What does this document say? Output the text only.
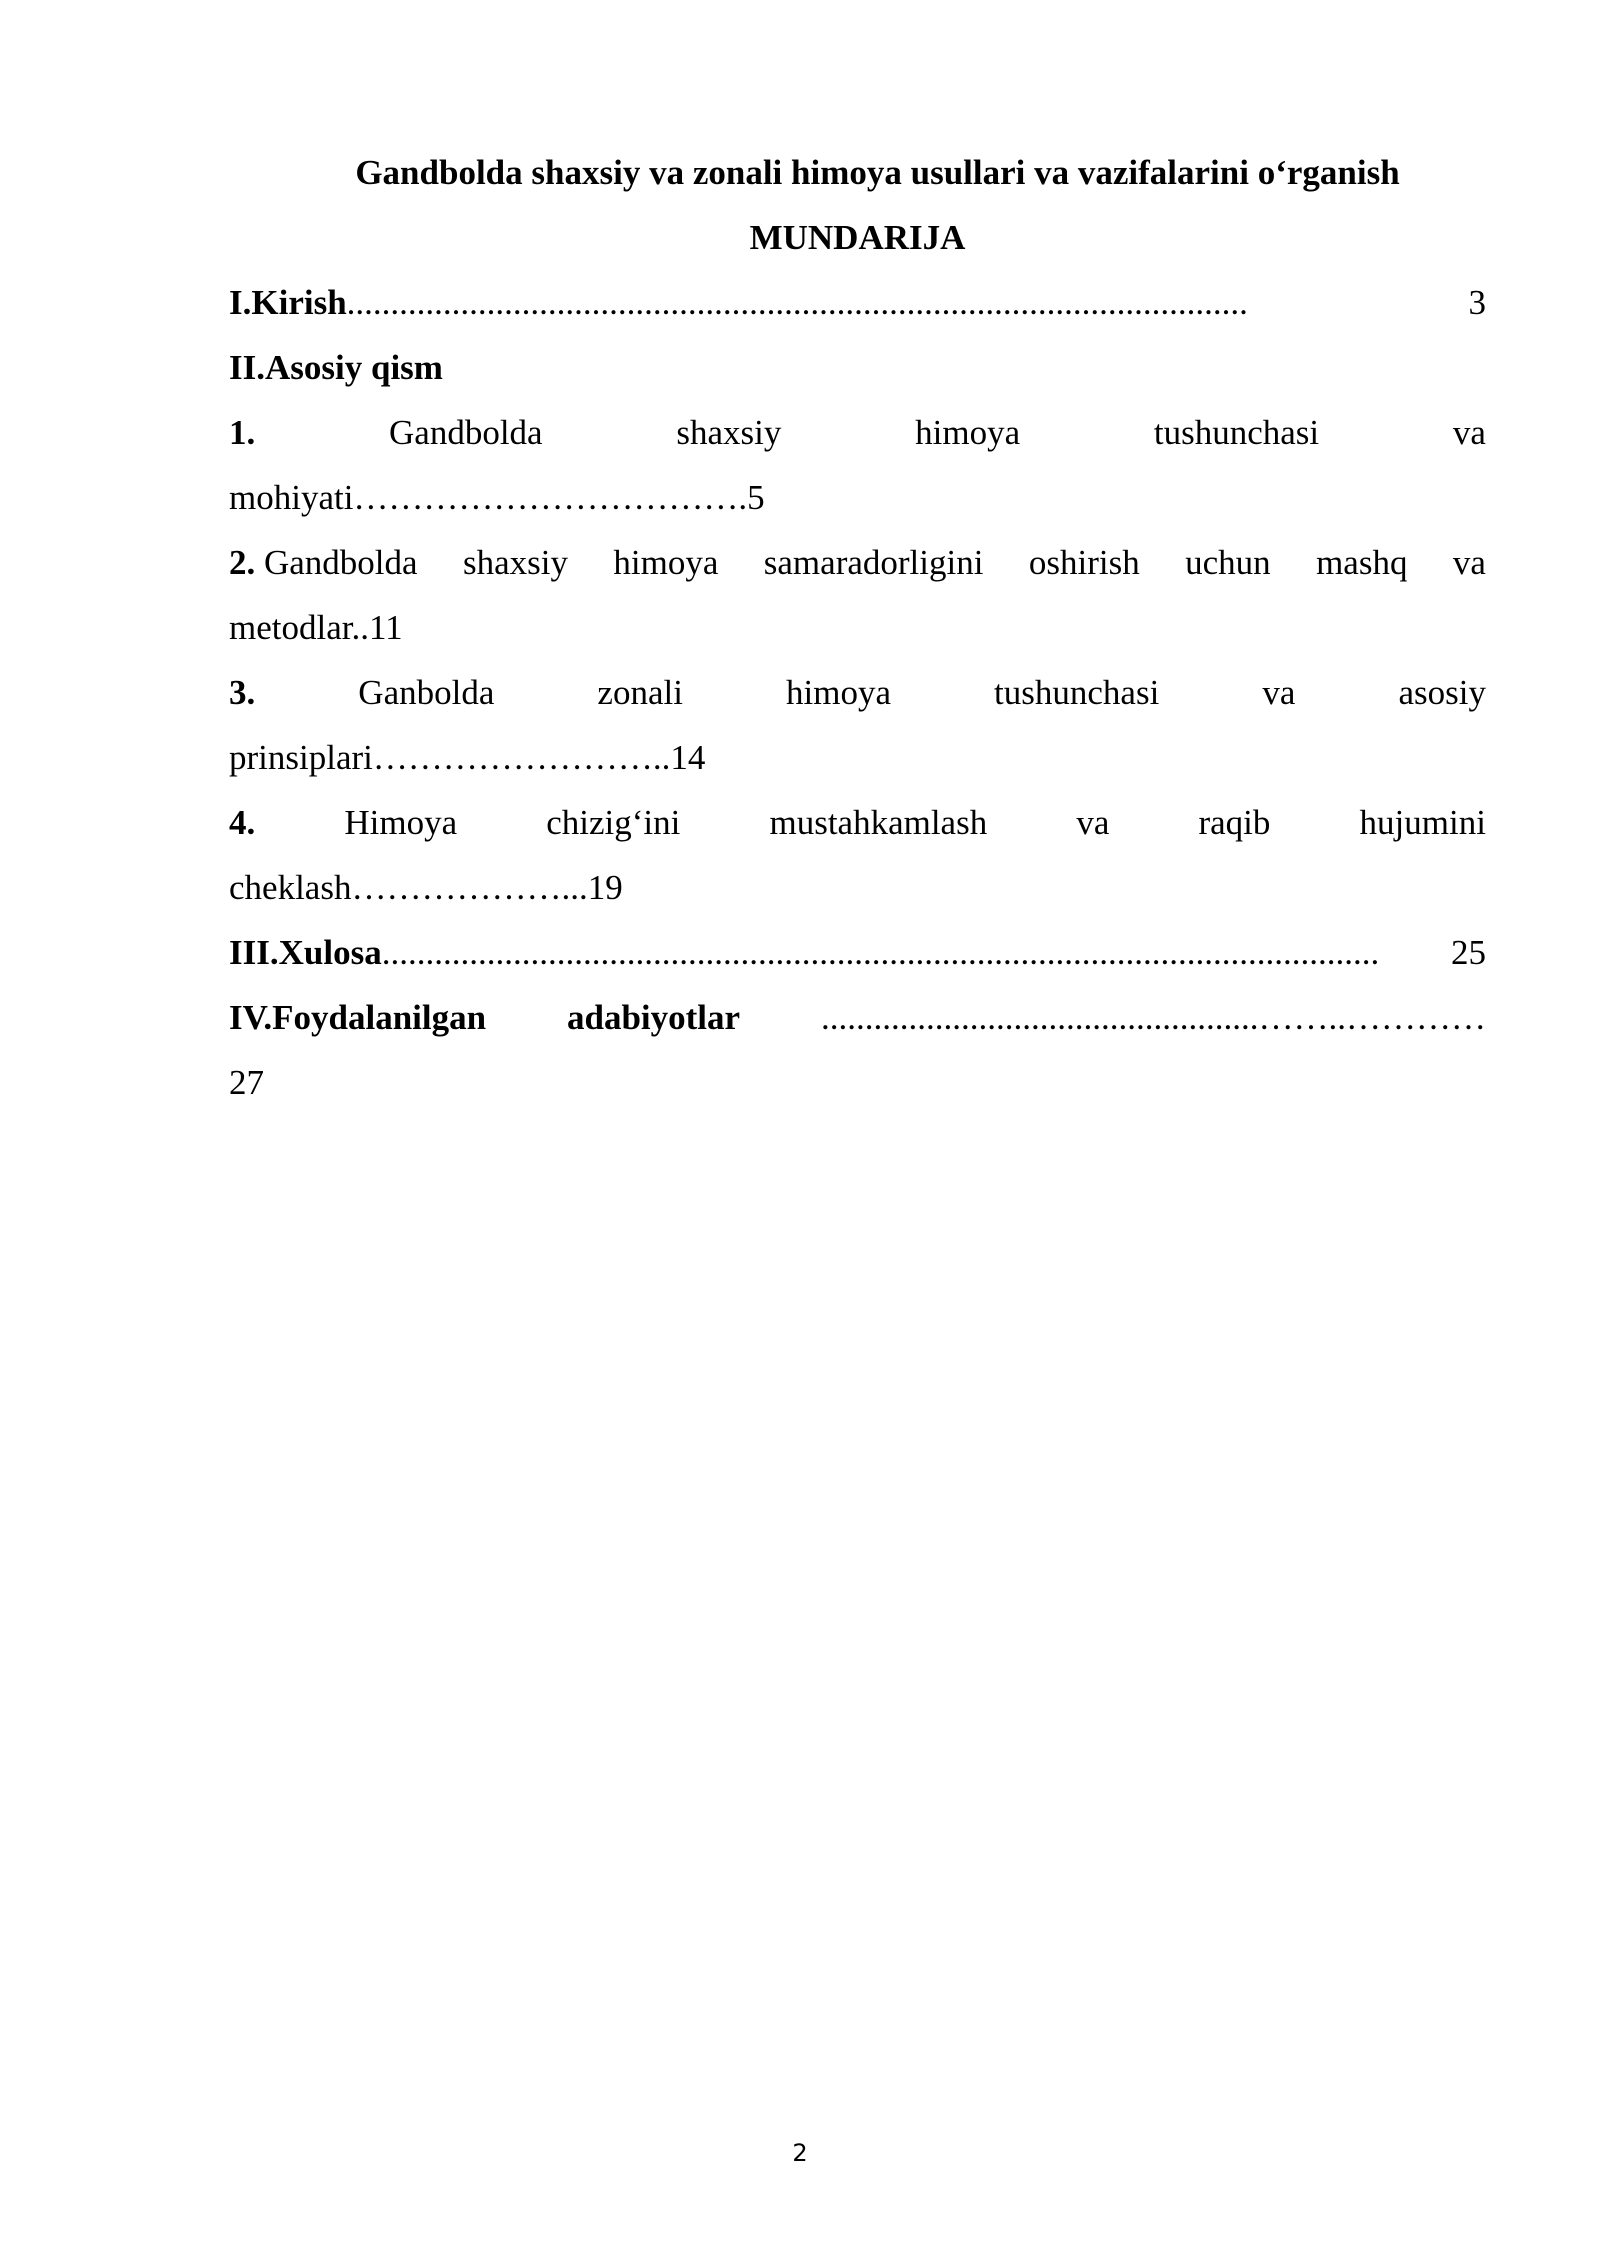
Gandbolda shaxsiy va zonali himoya usullari va vazifalarini o‘rganish

MUNDARIJA

I.Kirish .......................................................................................................	3
II.Asosiy qism
1.	Gandbolda	shaxsiy	himoya	tushunchasi	va
mohiyati…………………………….5
2. Gandbolda shaxsiy himoya samaradorligini oshirish uchun mashq va
metodlar..11
3.	Ganbolda	zonali	himoya	tushunchasi	va	asosiy
prinsiplari……………………..14
4.	Himoya	chizig‘ini	mustahkamlash	va	raqib	hujumini
cheklash………………...19
III.Xulosa ..................................................................................................................	25
IV.Foydalanilgan adabiyotlar ..................................................……..…………
27
2
